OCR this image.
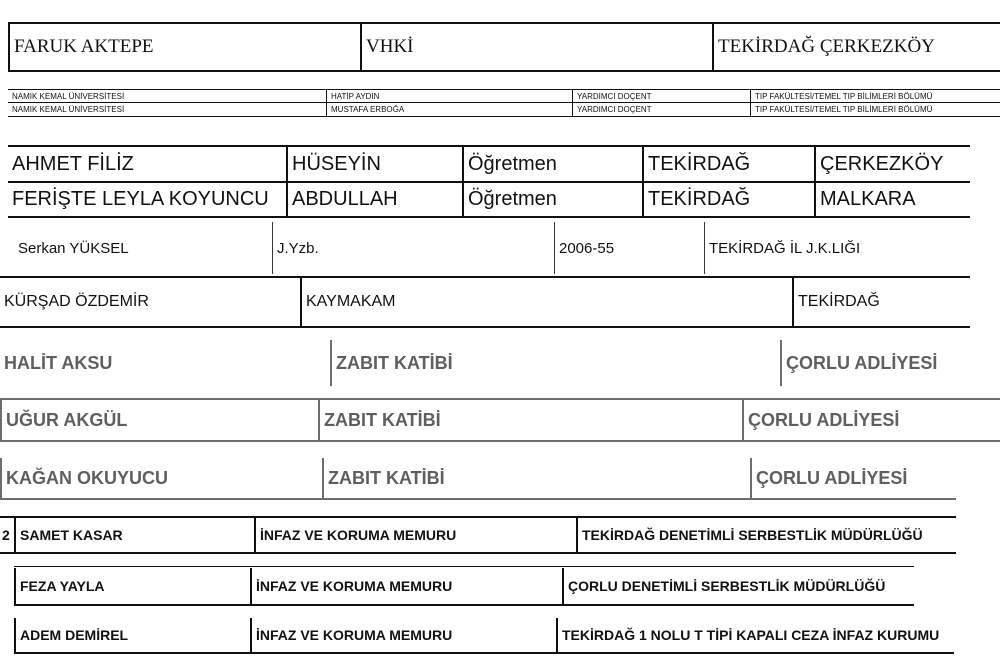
FARUK AKTEPE	VHKİ	TEKİRDAĞ ÇERKEZKÖY
NAMIK KEMAL ÜNİVERSİTESİ	HATİP AYDIN	YARDIMCI DOÇENT	TIP FAKÜLTESİ/TEMEL TIP BİLİMLERİ BÖLÜMÜ
NAMIK KEMAL ÜNİVERSİTESİ	MUSTAFA ERBOĞA	YARDIMCI DOÇENT	TIP FAKÜLTESİ/TEMEL TIP BİLİMLERİ BÖLÜMÜ
AHMET FİLİZ	HÜSEYİN	Öğretmen	TEKİRDAĞ	ÇERKEZKÖY
FERİŞTE LEYLA KOYUNCU	ABDULLAH	Öğretmen	TEKİRDAĞ	MALKARA
Serkan YÜKSEL	J.Yzb.	2006-55	TEKİRDAĞ İL J.K.LIĞI
KÜRŞAD ÖZDEMİR	KAYMAKAM	TEKİRDAĞ
HALİT AKSU	ZABIT KATİBİ	ÇORLU ADLİYESİ
UĞUR AKGÜL	ZABIT KATİBİ	ÇORLU ADLİYESİ
KAĞAN OKUYUCU	ZABIT KATİBİ	ÇORLU ADLİYESİ
2 SAMET KASAR	İNFAZ VE KORUMA MEMURU	TEKİRDAĞ DENETİMLİ SERBESTLİK MÜDÜRLÜĞÜ
FEZA YAYLA	İNFAZ VE KORUMA MEMURU	ÇORLU DENETİMLİ SERBESTLİK MÜDÜRLÜĞÜ
ADEM DEMİREL	İNFAZ VE KORUMA MEMURU	TEKİRDAĞ 1 NOLU T TİPİ KAPALI CEZA İNFAZ KURUMU
